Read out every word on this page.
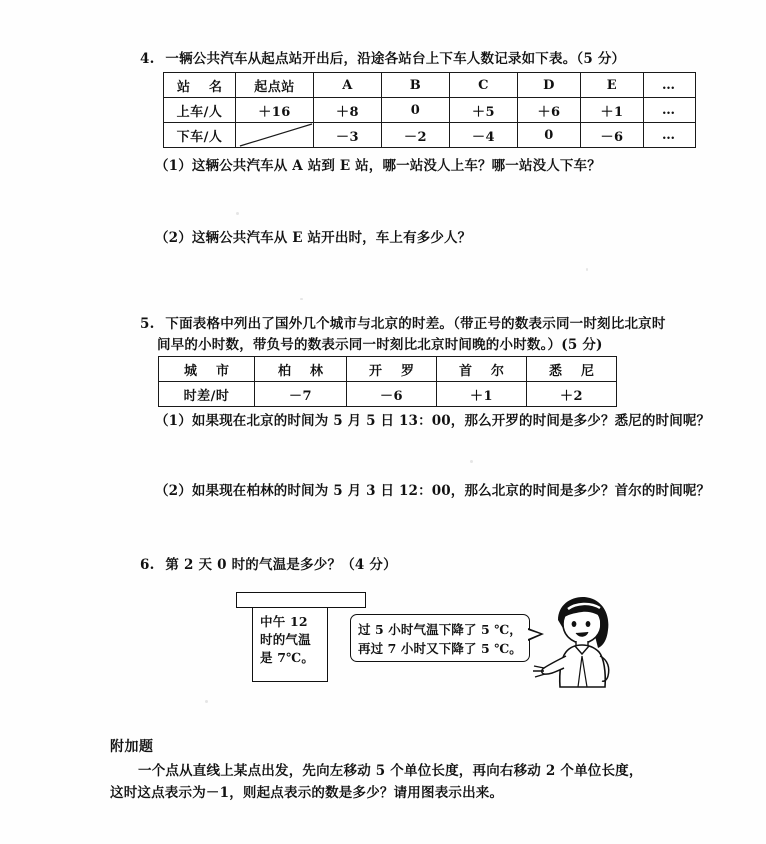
4. 一辆公共汽车从起点站开出后，沿途各站台上下车人数记录如下表。（5 分）
站　名	起点站	A	B	C	D	E	…
上车/人	＋16	＋8	0	＋5	＋6	＋1	…
下车/人		－3	－2	－4	0	－6	…
（1）这辆公共汽车从 A 站到 E 站，哪一站没人上车？哪一站没人下车？
（2）这辆公共汽车从 E 站开出时，车上有多少人？
5. 下面表格中列出了国外几个城市与北京的时差。（带正号的数表示同一时刻比北京时
间早的小时数，带负号的数表示同一时刻比北京时间晚的小时数。）(5 分)
城　市	柏　林	开　罗	首　尔	悉　尼
时差/时	－7	－6	＋1	＋2
（1）如果现在北京的时间为 5 月 5 日 13：00，那么开罗的时间是多少？悉尼的时间呢？
（2）如果现在柏林的时间为 5 月 3 日 12：00，那么北京的时间是多少？首尔的时间呢？
6. 第 2 天 0 时的气温是多少？（4 分）
中午 12 时的气温是 7℃。
过 5 小时气温下降了 5 ℃，再过 7 小时又下降了 5 ℃。
附加题
一个点从直线上某点出发，先向左移动 5 个单位长度，再向右移动 2 个单位长度，这时这点表示为－1，则起点表示的数是多少？请用图表示出来。
